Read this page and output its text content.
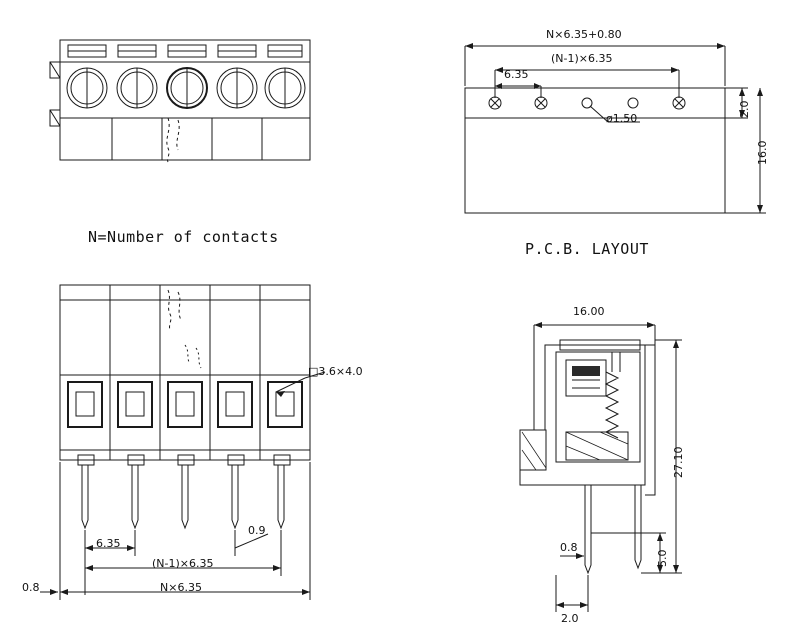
N=Number of contacts
P.C.B. LAYOUT
N×6.35+0.80
(N-1)×6.35
6.35
ø1.50
2.0
16.0
□3.6×4.0
6.35
0.9
(N-1)×6.35
N×6.35
0.8
16.00
27.10
0.8
5.0
2.0
